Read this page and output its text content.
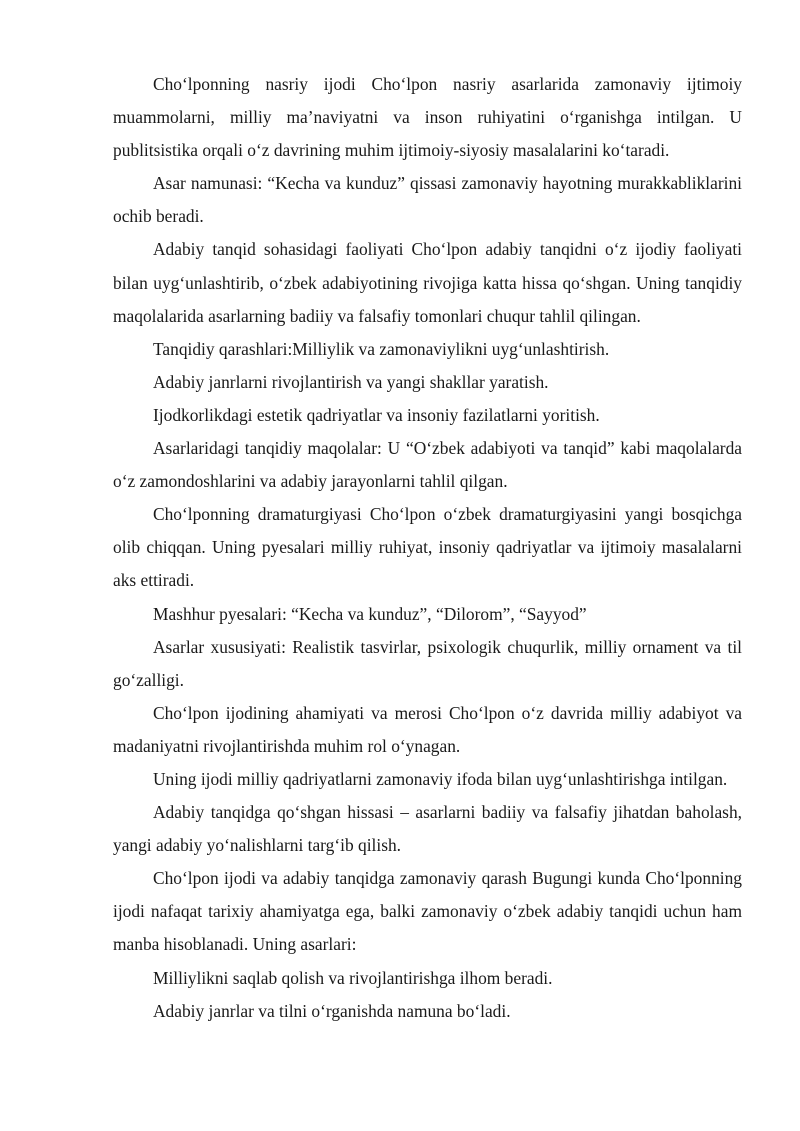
Cho‘lponning nasriy ijodi Cho‘lpon nasriy asarlarida zamonaviy ijtimoiy muammolarni, milliy ma’naviyatni va inson ruhiyatini o‘rganishga intilgan. U publitsistika orqali o‘z davrining muhim ijtimoiy-siyosiy masalalarini ko‘taradi.

Asar namunasi: “Kecha va kunduz” qissasi zamonaviy hayotning murakkabliklarini ochib beradi.

Adabiy tanqid sohasidagi faoliyati Cho‘lpon adabiy tanqidni o‘z ijodiy faoliyati bilan uyg‘unlashtirib, o‘zbek adabiyotining rivojiga katta hissa qo‘shgan. Uning tanqidiy maqolalarida asarlarning badiiy va falsafiy tomonlari chuqur tahlil qilingan.

Tanqidiy qarashlari:Milliylik va zamonaviylikni uyg‘unlashtirish.

Adabiy janrlarni rivojlantirish va yangi shakllar yaratish.

Ijodkorlikdagi estetik qadriyatlar va insoniy fazilatlarni yoritish.

Asarlaridagi tanqidiy maqolalar: U “O‘zbek adabiyoti va tanqid” kabi maqolalarda o‘z zamondoshlarini va adabiy jarayonlarni tahlil qilgan.

Cho‘lponning dramaturgiyasi Cho‘lpon o‘zbek dramaturgiyasini yangi bosqichga olib chiqqan. Uning pyesalari milliy ruhiyat, insoniy qadriyatlar va ijtimoiy masalalarni aks ettiradi.

Mashhur pyesalari: “Kecha va kunduz”, “Dilorom”, “Sayyod”

Asarlar xususiyati: Realistik tasvirlar, psixologik chuqurlik, milliy ornament va til go‘zalligi.

Cho‘lpon ijodining ahamiyati va merosi Cho‘lpon o‘z davrida milliy adabiyot va madaniyatni rivojlantirishda muhim rol o‘ynagan.

Uning ijodi milliy qadriyatlarni zamonaviy ifoda bilan uyg‘unlashtirishga intilgan.

Adabiy tanqidga qo‘shgan hissasi – asarlarni badiiy va falsafiy jihatdan baholash, yangi adabiy yo‘nalishlarni targ‘ib qilish.

Cho‘lpon ijodi va adabiy tanqidga zamonaviy qarash Bugungi kunda Cho‘lponning ijodi nafaqat tarixiy ahamiyatga ega, balki zamonaviy o‘zbek adabiy tanqidi uchun ham manba hisoblanadi. Uning asarlari:

Milliylikni saqlab qolish va rivojlantirishga ilhom beradi.

Adabiy janrlar va tilni o‘rganishda namuna bo‘ladi.
